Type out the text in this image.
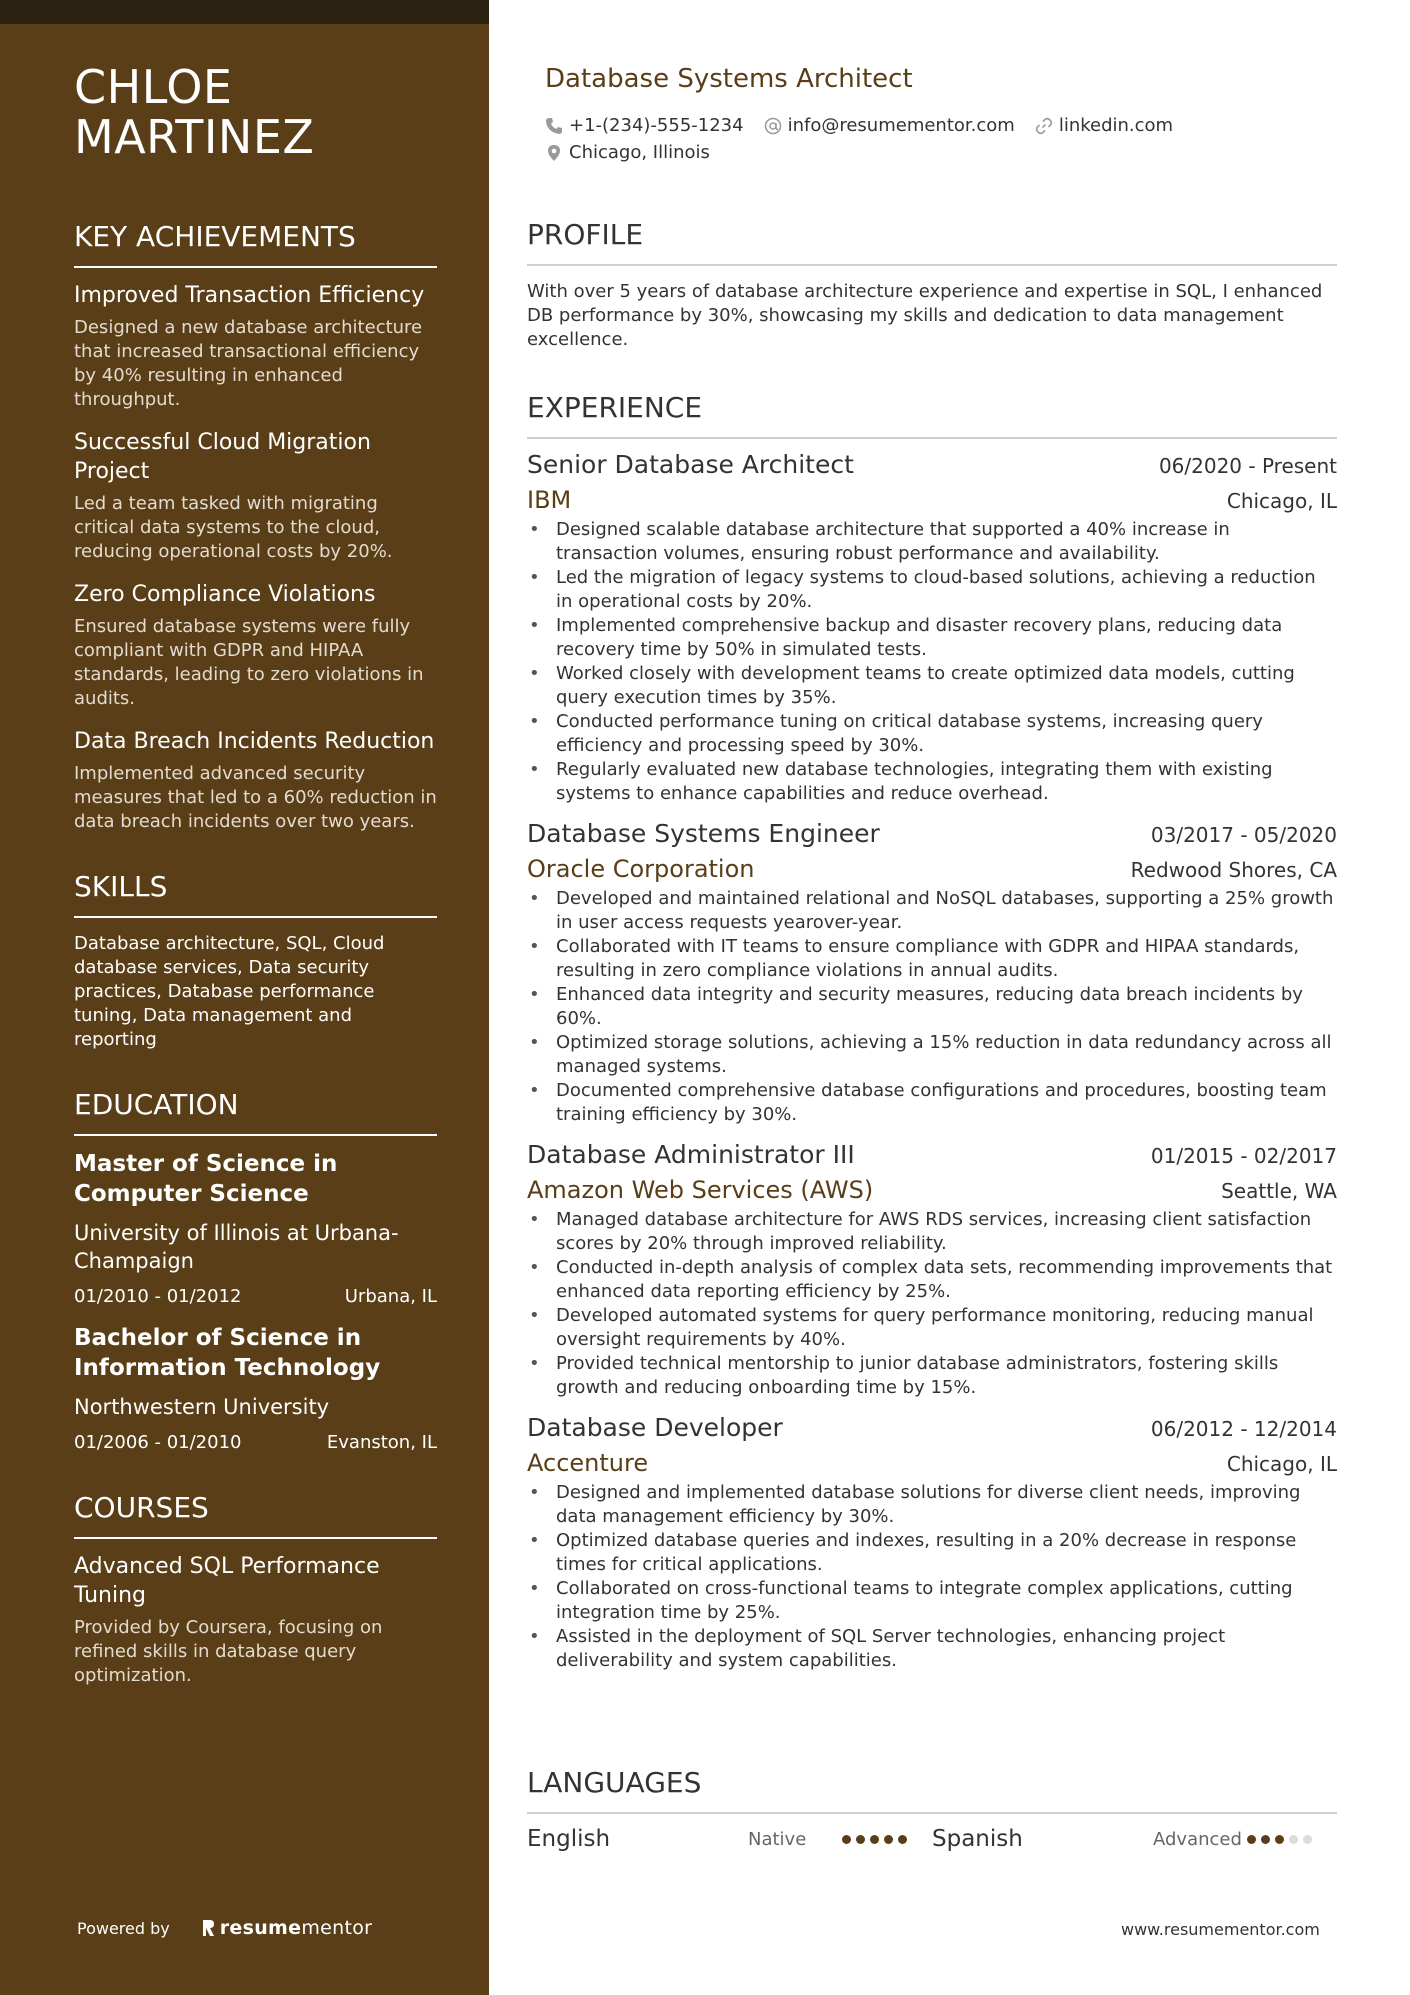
CHLOE MARTINEZ
KEY ACHIEVEMENTS
Improved Transaction Efficiency
Designed a new database architecture that increased transactional efficiency by 40% resulting in enhanced throughput.
Successful Cloud Migration Project
Led a team tasked with migrating critical data systems to the cloud, reducing operational costs by 20%.
Zero Compliance Violations
Ensured database systems were fully compliant with GDPR and HIPAA standards, leading to zero violations in audits.
Data Breach Incidents Reduction
Implemented advanced security measures that led to a 60% reduction in data breach incidents over two years.
SKILLS
Database architecture, SQL, Cloud database services, Data security practices, Database performance tuning, Data management and reporting
EDUCATION
Master of Science in Computer Science
University of Illinois at Urbana-Champaign
01/2010 - 01/2012	Urbana, IL
Bachelor of Science in Information Technology
Northwestern University
01/2006 - 01/2010	Evanston, IL
COURSES
Advanced SQL Performance Tuning
Provided by Coursera, focusing on refined skills in database query optimization.
Powered by	resume mentor
Database Systems Architect
+1-(234)-555-1234 info@resumementor.com linkedin.com
Chicago, Illinois
PROFILE
With over 5 years of database architecture experience and expertise in SQL, I enhanced DB performance by 30%, showcasing my skills and dedication to data management excellence.
EXPERIENCE
Senior Database Architect	06/2020 - Present
IBM	Chicago, IL
• Designed scalable database architecture that supported a 40% increase in transaction volumes, ensuring robust performance and availability.
• Led the migration of legacy systems to cloud-based solutions, achieving a reduction in operational costs by 20%.
• Implemented comprehensive backup and disaster recovery plans, reducing data recovery time by 50% in simulated tests.
• Worked closely with development teams to create optimized data models, cutting query execution times by 35%.
• Conducted performance tuning on critical database systems, increasing query efficiency and processing speed by 30%.
• Regularly evaluated new database technologies, integrating them with existing systems to enhance capabilities and reduce overhead.
Database Systems Engineer	03/2017 - 05/2020
Oracle Corporation	Redwood Shores, CA
• Developed and maintained relational and NoSQL databases, supporting a 25% growth in user access requests yearover-year.
• Collaborated with IT teams to ensure compliance with GDPR and HIPAA standards, resulting in zero compliance violations in annual audits.
• Enhanced data integrity and security measures, reducing data breach incidents by 60%.
• Optimized storage solutions, achieving a 15% reduction in data redundancy across all managed systems.
• Documented comprehensive database configurations and procedures, boosting team training efficiency by 30%.
Database Administrator III	01/2015 - 02/2017
Amazon Web Services (AWS)	Seattle, WA
• Managed database architecture for AWS RDS services, increasing client satisfaction scores by 20% through improved reliability.
• Conducted in-depth analysis of complex data sets, recommending improvements that enhanced data reporting efficiency by 25%.
• Developed automated systems for query performance monitoring, reducing manual oversight requirements by 40%.
• Provided technical mentorship to junior database administrators, fostering skills growth and reducing onboarding time by 15%.
Database Developer	06/2012 - 12/2014
Accenture	Chicago, IL
• Designed and implemented database solutions for diverse client needs, improving data management efficiency by 30%.
• Optimized database queries and indexes, resulting in a 20% decrease in response times for critical applications.
• Collaborated on cross-functional teams to integrate complex applications, cutting integration time by 25%.
• Assisted in the deployment of SQL Server technologies, enhancing project deliverability and system capabilities.
LANGUAGES
English	Native	Spanish	Advanced
www.resumementor.com
